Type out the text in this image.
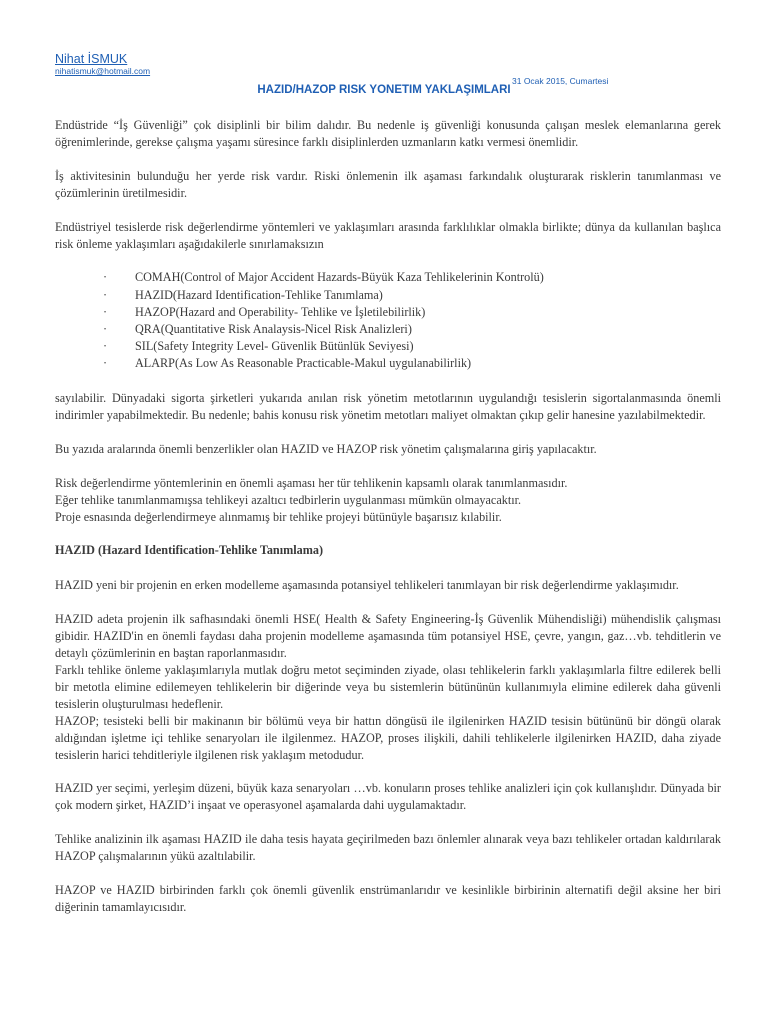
Nihat İSMUK
nihatismuk@hotmail.com
31 Ocak 2015, Cumartesi
HAZID/HAZOP RISK YONETIM YAKLAŞIMLARI

Endüstride “İş Güvenliği” çok disiplinli bir bilim dalıdır. Bu nedenle iş güvenliği konusunda çalışan meslek elemanlarına gerek öğrenimlerinde, gerekse çalışma yaşamı süresince farklı disiplinlerden uzmanların katkı vermesi önemlidir.

İş aktivitesinin bulunduğu her yerde risk vardır. Riski önlemenin ilk aşaması farkındalık oluşturarak risklerin tanımlanması ve çözümlerinin üretilmesidir.

Endüstriyel tesislerde risk değerlendirme yöntemleri ve yaklaşımları arasında farklılıklar olmakla birlikte; dünya da kullanılan başlıca risk önleme yaklaşımları aşağıdakilerle sınırlamaksızın

· COMAH(Control of Major Accident Hazards-Büyük Kaza Tehlikelerinin Kontrolü)
· HAZID(Hazard Identification-Tehlike Tanımlama)
· HAZOP(Hazard and Operability- Tehlike ve İşletilebilirlik)
· QRA(Quantitative Risk Analaysis-Nicel Risk Analizleri)
· SIL(Safety Integrity Level- Güvenlik Bütünlük Seviyesi)
· ALARP(As Low As Reasonable Practicable-Makul uygulanabilirlik)

sayılabilir. Dünyadaki sigorta şirketleri yukarıda anılan risk yönetim metotlarının uygulandığı tesislerin sigortalanmasında önemli indirimler yapabilmektedir. Bu nedenle; bahis konusu risk yönetim metotları maliyet olmaktan çıkıp gelir hanesine yazılabilmektedir.

Bu yazıda aralarında önemli benzerlikler olan HAZID ve HAZOP risk yönetim çalışmalarına giriş yapılacaktır.

Risk değerlendirme yöntemlerinin en önemli aşaması her tür tehlikenin kapsamlı olarak tanımlanmasıdır.

Eğer tehlike tanımlanmamışsa tehlikeyi azaltıcı tedbirlerin uygulanması mümkün olmayacaktır.

Proje esnasında değerlendirmeye alınmamış bir tehlike projeyi bütünüyle başarısız kılabilir.

HAZID (Hazard Identification-Tehlike Tanımlama)

HAZID yeni bir projenin en erken modelleme aşamasında potansiyel tehlikeleri tanımlayan bir risk değerlendirme yaklaşımıdır.

HAZID adeta projenin ilk safhasındaki önemli HSE( Health & Safety Engineering-İş Güvenlik Mühendisliği) mühendislik çalışması gibidir. HAZID'in en önemli faydası daha projenin modelleme aşamasında tüm potansiyel HSE, çevre, yangın, gaz…vb. tehditlerin ve detaylı çözümlerinin en baştan raporlanmasıdır.

Farklı tehlike önleme yaklaşımlarıyla mutlak doğru metot seçiminden ziyade, olası tehlikelerin farklı yaklaşımlarla filtre edilerek belli bir metotla elimine edilemeyen tehlikelerin bir diğerinde veya bu sistemlerin bütününün kullanımıyla elimine edilerek daha güvenli tesislerin oluşturulması hedeflenir.

HAZOP; tesisteki belli bir makinanın bir bölümü veya bir hattın döngüsü ile ilgilenirken HAZID tesisin bütününü bir döngü olarak aldığından işletme içi tehlike senaryoları ile ilgilenmez. HAZOP, proses ilişkili, dahili tehlikelerle ilgilenirken HAZID, daha ziyade tesislerin harici tehditleriyle ilgilenen risk yaklaşım metodudur.

HAZID yer seçimi, yerleşim düzeni, büyük kaza senaryoları …vb. konuların proses tehlike analizleri için çok kullanışlıdır. Dünyada bir çok modern şirket, HAZID’i inşaat ve operasyonel aşamalarda dahi uygulamaktadır.

Tehlike analizinin ilk aşaması HAZID ile daha tesis hayata geçirilmeden bazı önlemler alınarak veya bazı tehlikeler ortadan kaldırılarak HAZOP çalışmalarının yükü azaltılabilir.

HAZOP ve HAZID birbirinden farklı çok önemli güvenlik enstrümanlarıdır ve kesinlikle birbirinin alternatifi değil aksine her biri diğerinin tamamlayıcısıdır.
